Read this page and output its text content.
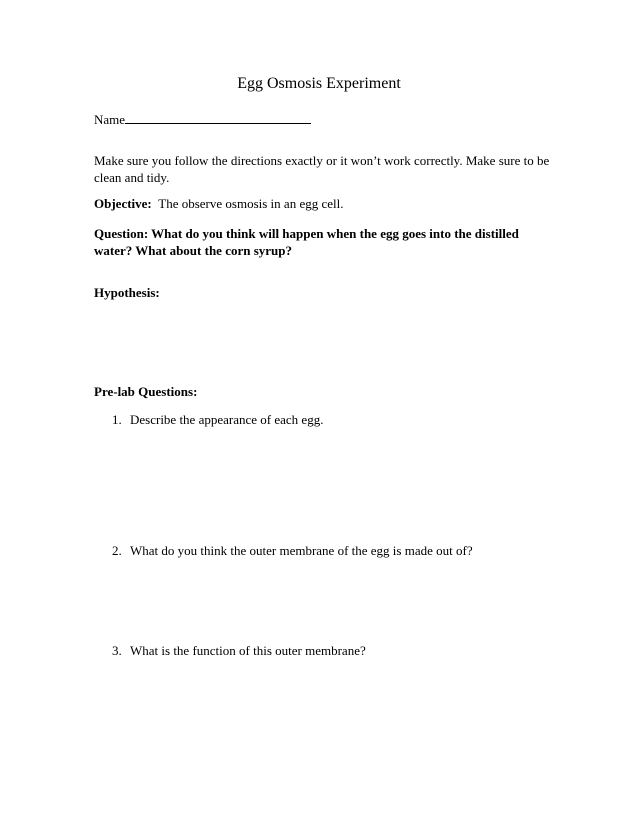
Egg Osmosis Experiment
Name
Make sure you follow the directions exactly or it won’t work correctly. Make sure to be clean and tidy.
Objective: The observe osmosis in an egg cell.
Question: What do you think will happen when the egg goes into the distilled water? What about the corn syrup?
Hypothesis:
Pre-lab Questions:
1. Describe the appearance of each egg.
2. What do you think the outer membrane of the egg is made out of?
3. What is the function of this outer membrane?
